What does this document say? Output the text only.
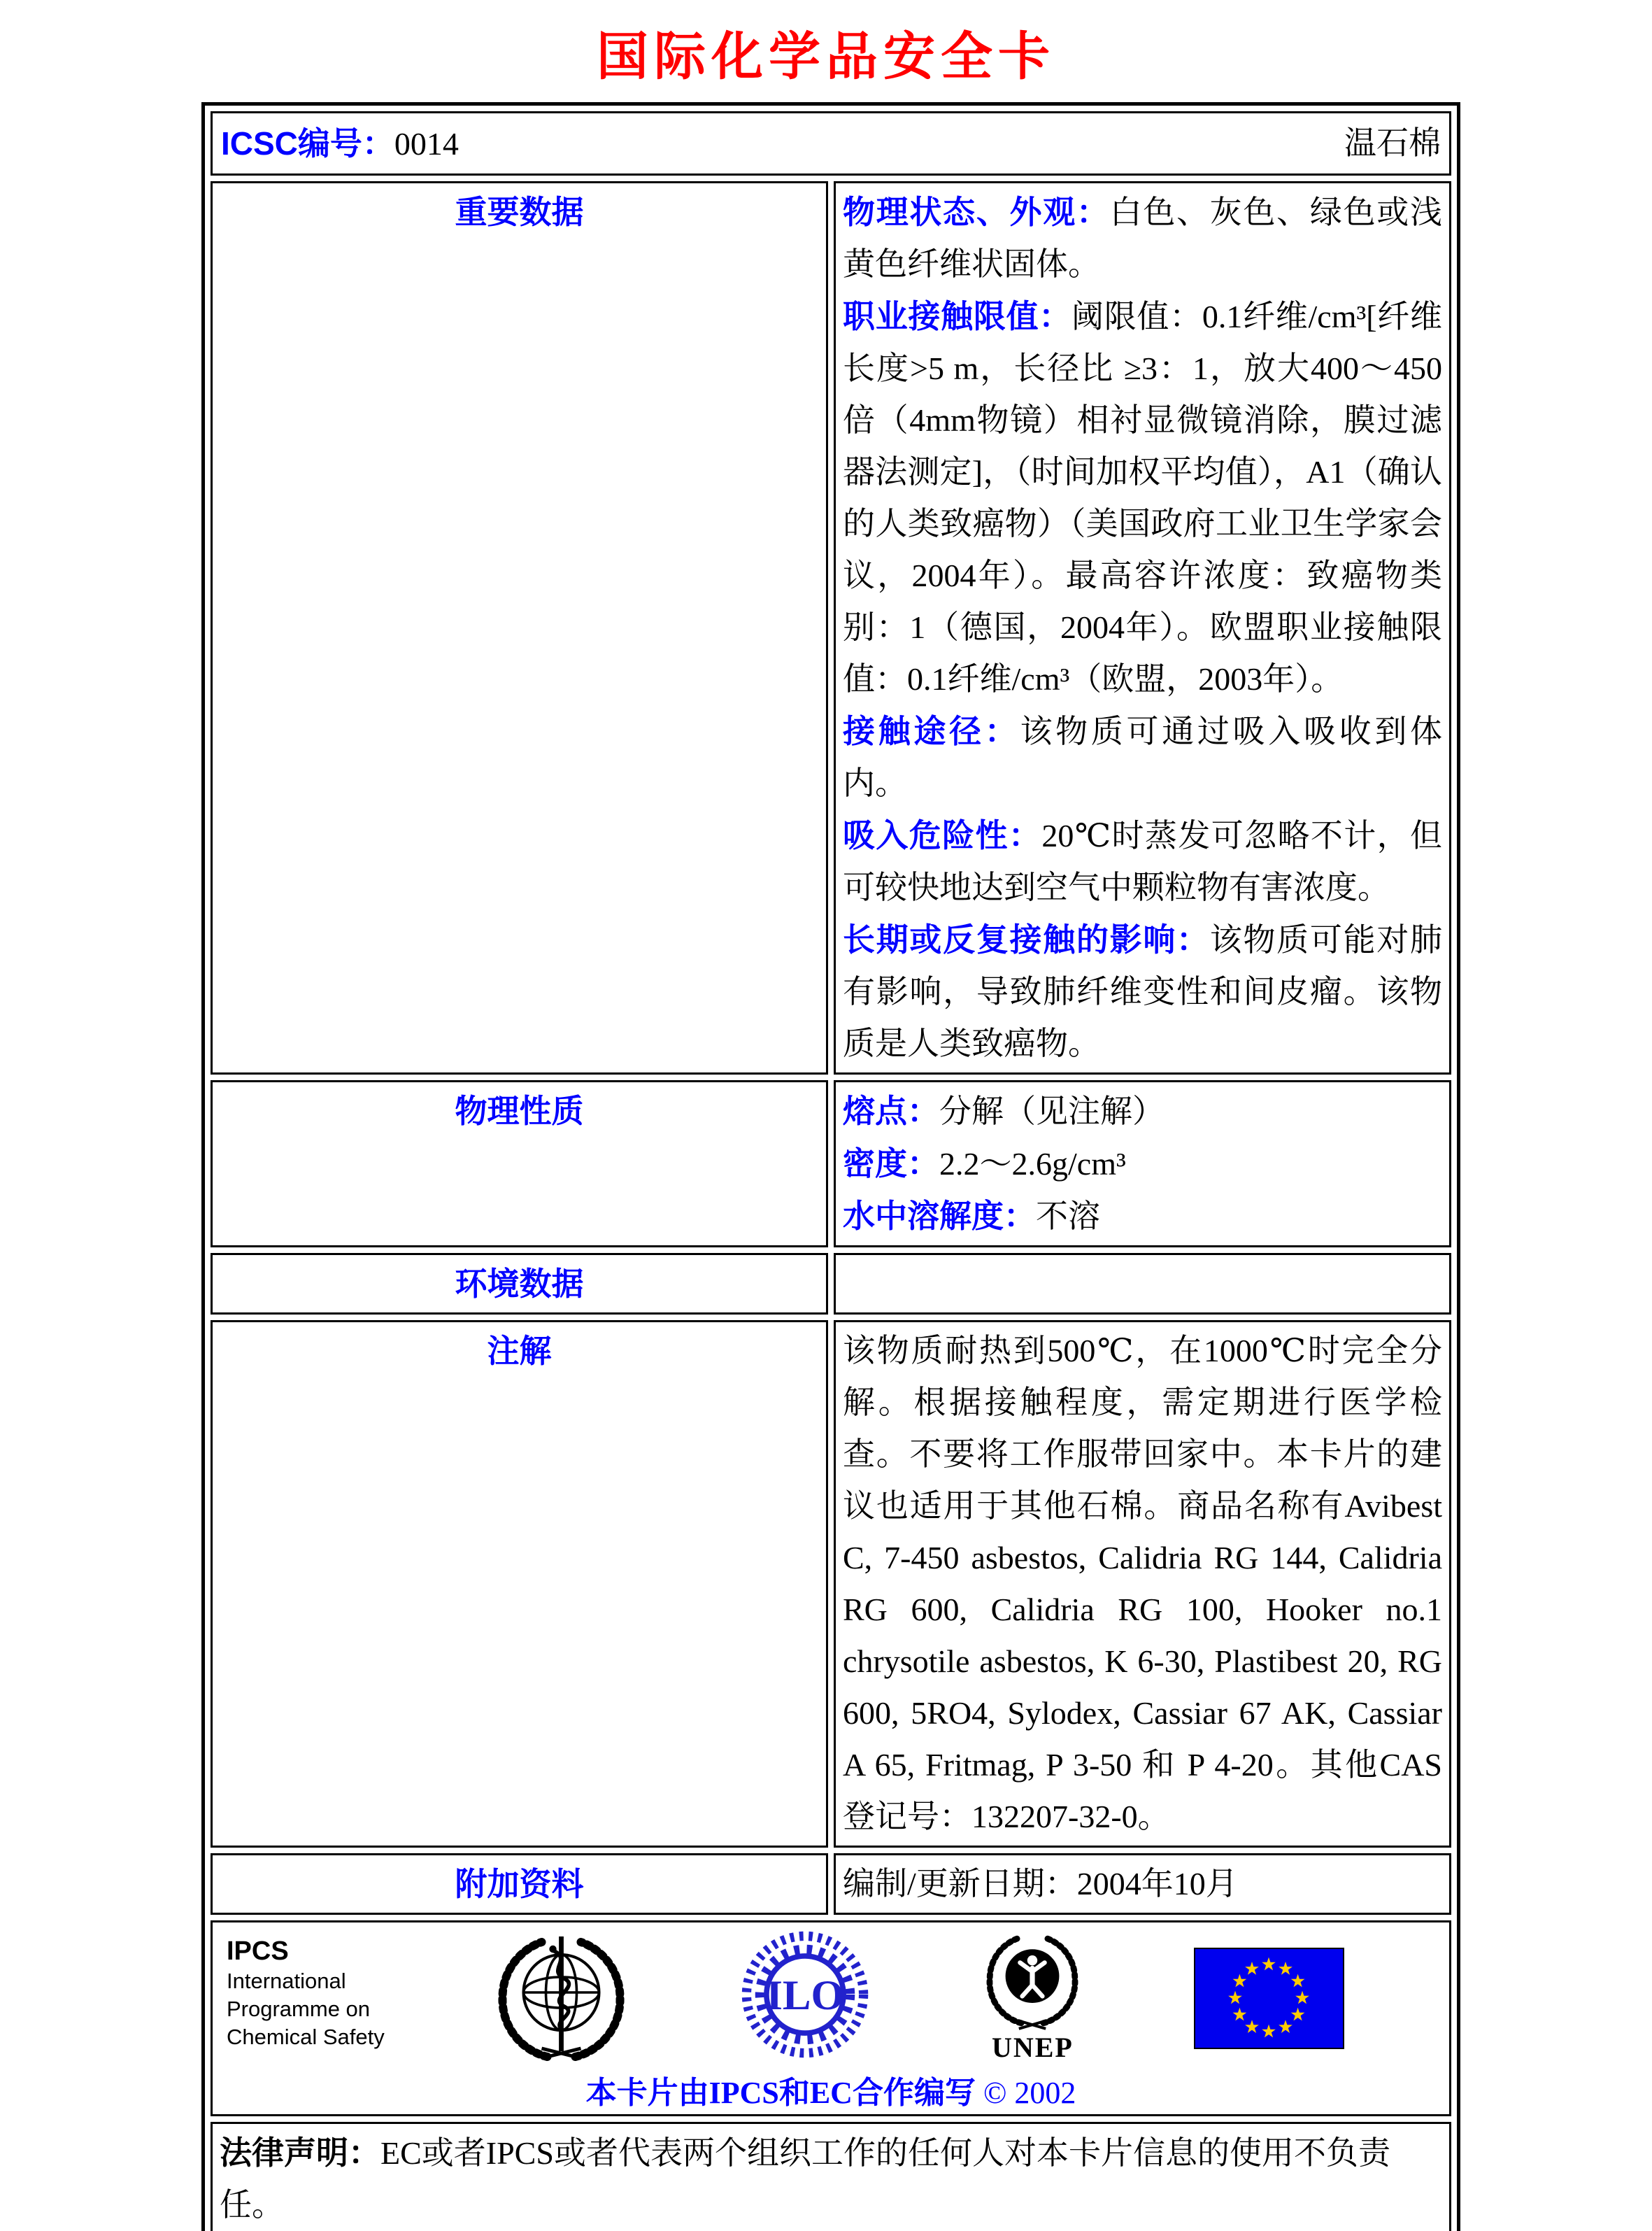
国际化学品安全卡
ICSC编号：0014 温石棉	

重要数据	物理状态、外观：白色、灰色、绿色或浅黄色纤维状固体。

职业接触限值：阈限值：0.1纤维/cm³[纤维长度>5 m，长径比 ≥3：1，放大400～450倍（4mm物镜）相衬显微镜消除，膜过滤器法测定]，（时间加权平均值），A1（确认的人类致癌物）（美国政府工业卫生学家会议，2004年）。最高容许浓度：致癌物类别：1（德国，2004年）。欧盟职业接触限值：0.1纤维/cm³（欧盟，2003年）。

接触途径：该物质可通过吸入吸收到体内。

吸入危险性：20℃时蒸发可忽略不计，但可较快地达到空气中颗粒物有害浓度。

长期或反复接触的影响：该物质可能对肺有影响，导致肺纤维变性和间皮瘤。该物质是人类致癌物。

物理性质	熔点：分解（见注解）

密度：2.2～2.6g/cm³

水中溶解度：不溶

环境数据	
注解	该物质耐热到500℃，在1000℃时完全分解。根据接触程度，需定期进行医学检查。不要将工作服带回家中。本卡片的建议也适用于其他石棉。商品名称有Avibest C, 7-450 asbestos, Calidria RG 144, Calidria RG 600, Calidria RG 100, Hooker no.1 chrysotile asbestos, K 6-30, Plastibest 20, RG 600, 5RO4, Sylodex, Cassiar 67 AK, Cassiar A 65, Fritmag, P 3-50 和 P 4-20。其他CAS登记号：132207-32-0。

附加资料	编制/更新日期：2004年10月

IPCS
International
Programme on
Chemical Safety
ILO
UNEP
本卡片由IPCS和EC合作编写 © 2002

法律声明：EC或者IPCS或者代表两个组织工作的任何人对本卡片信息的使用不负责任。	
